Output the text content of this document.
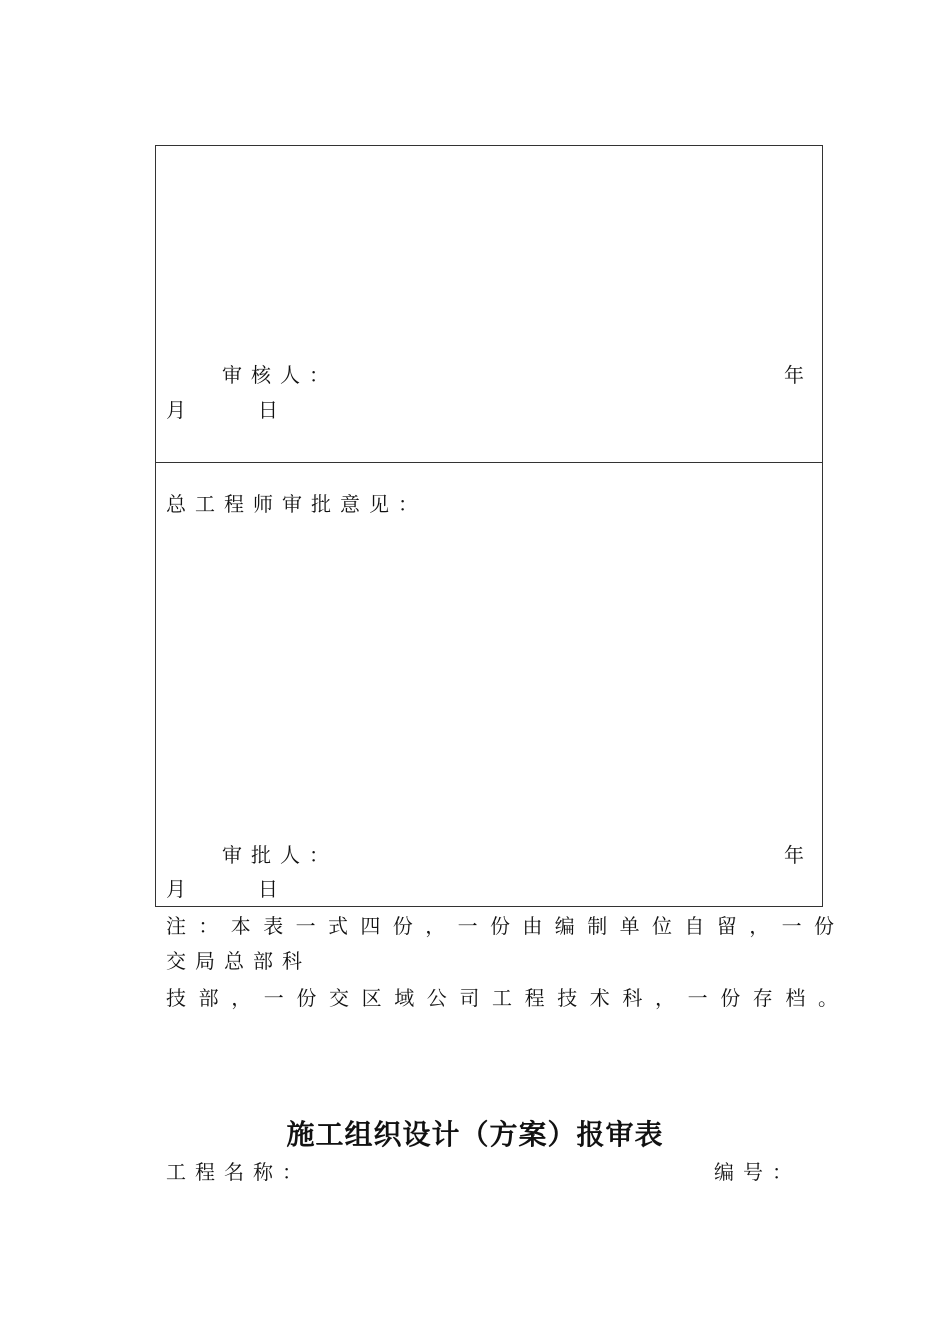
审核人：	年
月	日
总工程师审批意见：
审批人：	年
月	日
注：本表一式四份，一份由编制单位自留，一份
交局总部科
技部，一份交区域公司工程技术科，一份存档。
施工组织设计（方案）报审表
工程名称：	编号：
